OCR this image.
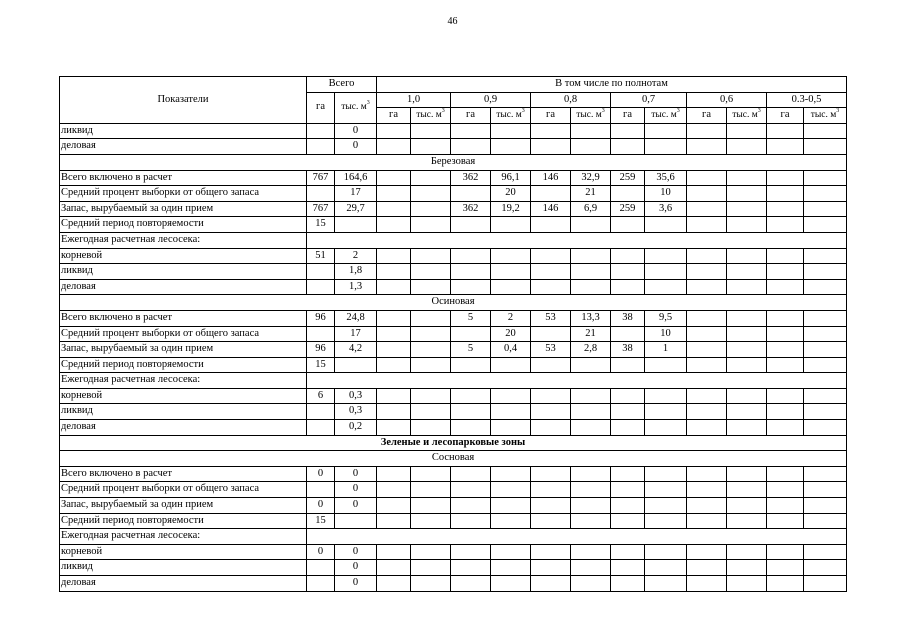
46
Показатели	Всего		В том числе по полнотам											
	га	тыс. $м^3$	1,0		0,9		0,8		0,7		0,6		0.3-0,5	
			га	тыс. $м^3$	га	тыс. $м^3$	га	тыс. $м^3$	га	тыс. $м^3$	га	тыс. $м^3$	га	тыс. $м^3$
ликвид		0												
деловая		0												
Березовая														
Всего включено в расчет	767	164,6			362	96,1	146	32,9	259	35,6				
Средний процент выборки от общего запаса		17				20		21		10				
Запас, вырубаемый за один прием	767	29,7			362	19,2	146	6,9	259	3,6				
Средний период повторяемости	15													
Ежегодная расчетная лесосека:														
корневой	51	2												
ликвид		1,8												
деловая		1,3												
Осиновая														
Всего включено в расчет	96	24,8			5	2	53	13,3	38	9,5				
Средний процент выборки от общего запаса		17				20		21		10				
Запас, вырубаемый за один прием	96	4,2			5	0,4	53	2,8	38	1				
Средний период повторяемости	15													
Ежегодная расчетная лесосека:														
корневой	6	0,3												
ликвид		0,3												
деловая		0,2												
Зеленые и лесопарковые зоны														
Сосновая														
Всего включено в расчет	0	0												
Средний процент выборки от общего запаса		0												
Запас, вырубаемый за один прием	0	0												
Средний период повторяемости	15													
Ежегодная расчетная лесосека:														
корневой	0	0												
ликвид		0												
деловая		0												
